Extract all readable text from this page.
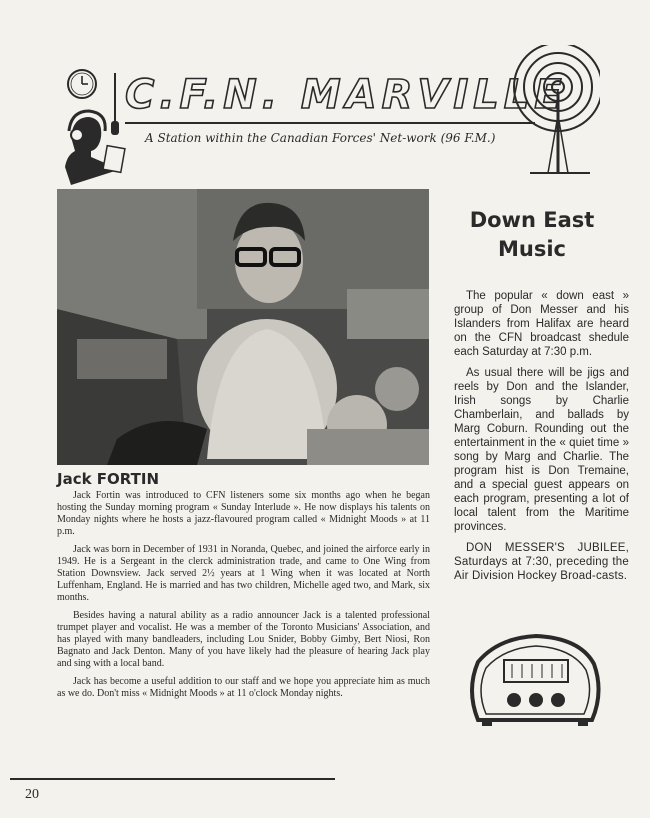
C.F.N. MARVILLE
A Station within the Canadian Forces' Net-work (96 F.M.)
Jack FORTIN

Jack Fortin was introduced to CFN listeners some six months ago when he began hosting the Sunday morning program « Sunday Interlude ». He now displays his talents on Monday nights where he hosts a jazz-flavoured program called « Midnight Moods » at 11 p.m.

Jack was born in December of 1931 in Noranda, Quebec, and joined the airforce early in 1949. He is a Sergeant in the clerck administration trade, and came to One Wing from Station Downsview. Jack served 2½ years at 1 Wing when it was located at North Luffenham, England. He is married and has two children, Michelle aged two, and Mark, six months.

Besides having a natural ability as a radio announcer Jack is a talented professional trumpet player and vocalist. He was a member of the Toronto Musicians' Association, and has played with many bandleaders, including Lou Snider, Bobby Gimby, Bert Niosi, Ron Bagnato and Jack Denton. Many of you have likely had the pleasure of hearing Jack play and sing with a local band.

Jack has become a useful addition to our staff and we hope you appreciate him as much as we do. Don't miss « Midnight Moods » at 11 o'clock Monday nights.

Down East
Music

The popular « down east » group of Don Messer and his Islanders from Halifax are heard on the CFN broadcast shedule each Saturday at 7:30 p.m.

As usual there will be jigs and reels by Don and the Islander, Irish songs by Charlie Chamberlain, and ballads by Marg Coburn. Rounding out the entertainment in the « quiet time » song by Marg and Charlie. The program hist is Don Tremaine, and a special guest appears on each program, presenting a lot of local talent from the Maritime provinces.

DON MESSER'S JUBILEE, Saturdays at 7:30, preceding the Air Division Hockey Broad-casts.

20
